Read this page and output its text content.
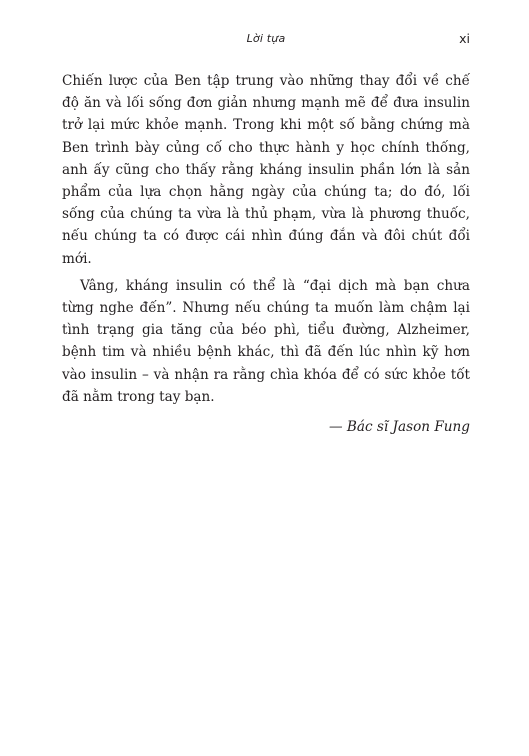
Lời tựa	xi

Chiến lược của Ben tập trung vào những thay đổi về chế độ ăn và lối sống đơn giản nhưng mạnh mẽ để đưa insulin trở lại mức khỏe mạnh. Trong khi một số bằng chứng mà Ben trình bày củng cố cho thực hành y học chính thống, anh ấy cũng cho thấy rằng kháng insulin phần lớn là sản phẩm của lựa chọn hằng ngày của chúng ta; do đó, lối sống của chúng ta vừa là thủ phạm, vừa là phương thuốc, nếu chúng ta có được cái nhìn đúng đắn và đôi chút đổi mới.

Vâng, kháng insulin có thể là “đại dịch mà bạn chưa từng nghe đến”. Nhưng nếu chúng ta muốn làm chậm lại tình trạng gia tăng của béo phì, tiểu đường, Alzheimer, bệnh tim và nhiều bệnh khác, thì đã đến lúc nhìn kỹ hơn vào insulin – và nhận ra rằng chìa khóa để có sức khỏe tốt đã nằm trong tay bạn.

— Bác sĩ Jason Fung
